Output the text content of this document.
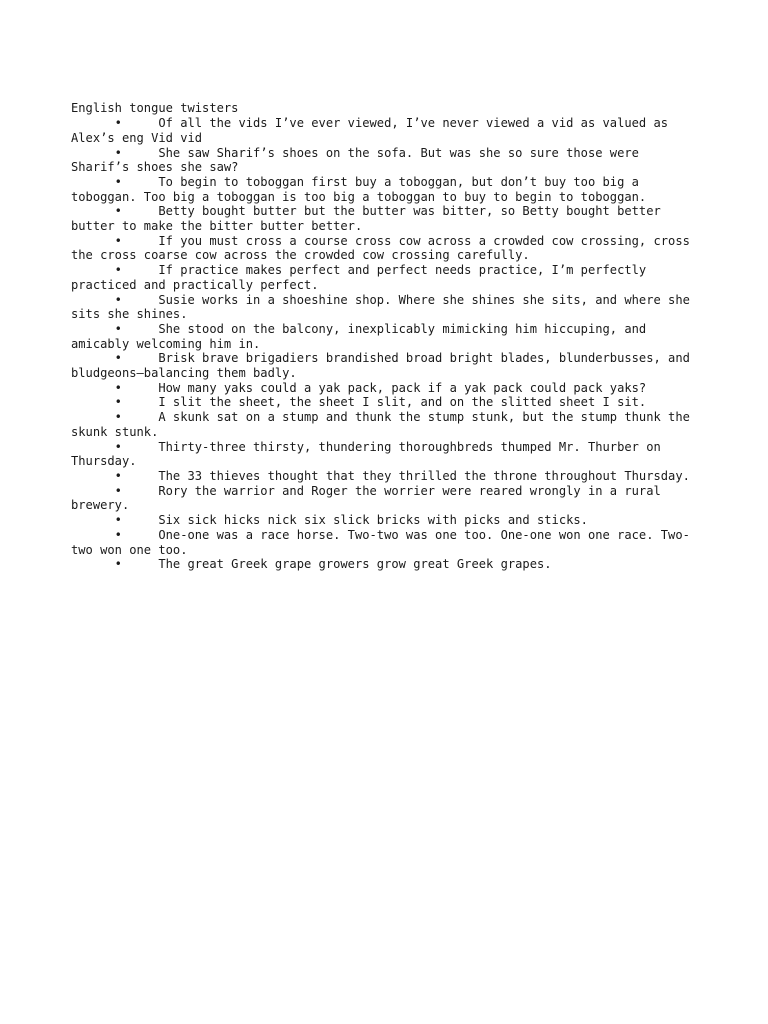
English tongue twisters
•     Of all the vids I’ve ever viewed, I’ve never viewed a vid as valued as Alex’s eng Vid vid
•     She saw Sharif’s shoes on the sofa. But was she so sure those were Sharif’s shoes she saw?
•     To begin to toboggan first buy a toboggan, but don’t buy too big a toboggan. Too big a toboggan is too big a toboggan to buy to begin to toboggan.
•     Betty bought butter but the butter was bitter, so Betty bought better butter to make the bitter butter better.
•     If you must cross a course cross cow across a crowded cow crossing, cross the cross coarse cow across the crowded cow crossing carefully.
•     If practice makes perfect and perfect needs practice, I’m perfectly practiced and practically perfect.
•     Susie works in a shoeshine shop. Where she shines she sits, and where she sits she shines.
•     She stood on the balcony, inexplicably mimicking him hiccuping, and amicably welcoming him in.
•     Brisk brave brigadiers brandished broad bright blades, blunderbusses, and bludgeons—balancing them badly.
•     How many yaks could a yak pack, pack if a yak pack could pack yaks?
•     I slit the sheet, the sheet I slit, and on the slitted sheet I sit.
•     A skunk sat on a stump and thunk the stump stunk, but the stump thunk the skunk stunk.
•     Thirty-three thirsty, thundering thoroughbreds thumped Mr. Thurber on Thursday.
•     The 33 thieves thought that they thrilled the throne throughout Thursday.
•     Rory the warrior and Roger the worrier were reared wrongly in a rural brewery.
•     Six sick hicks nick six slick bricks with picks and sticks.
•     One-one was a race horse. Two-two was one too. One-one won one race. Two-two won one too.
•     The great Greek grape growers grow great Greek grapes.
